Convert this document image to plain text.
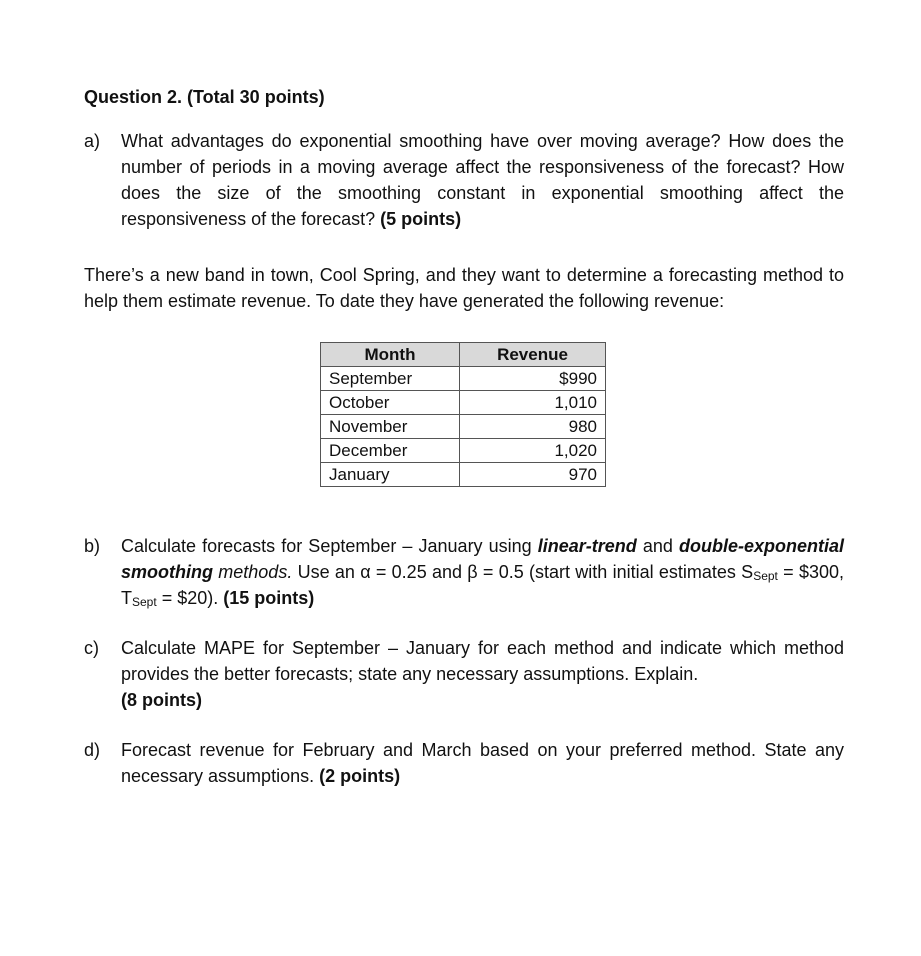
Question 2. (Total 30 points)
a)	What advantages do exponential smoothing have over moving average? How does the number of periods in a moving average affect the responsiveness of the forecast? How does the size of the smoothing constant in exponential smoothing affect the responsiveness of the forecast? (5 points)

There’s a new band in town, Cool Spring, and they want to determine a forecasting method to help them estimate revenue. To date they have generated the following revenue:

Month	Revenue
September	$990
October	1,010
November	980
December	1,020
January	970
b)	Calculate forecasts for September – January using linear-trend and double-exponential smoothing methods. Use an α = 0.25 and β = 0.5 (start with initial estimates $S_{Sept}$ = $300, $T_{Sept}$ = $20). (15 points)
c)	Calculate MAPE for September – January for each method and indicate which method provides the better forecasts; state any necessary assumptions. Explain.
(8 points)
d)	Forecast revenue for February and March based on your preferred method. State any necessary assumptions. (2 points)
